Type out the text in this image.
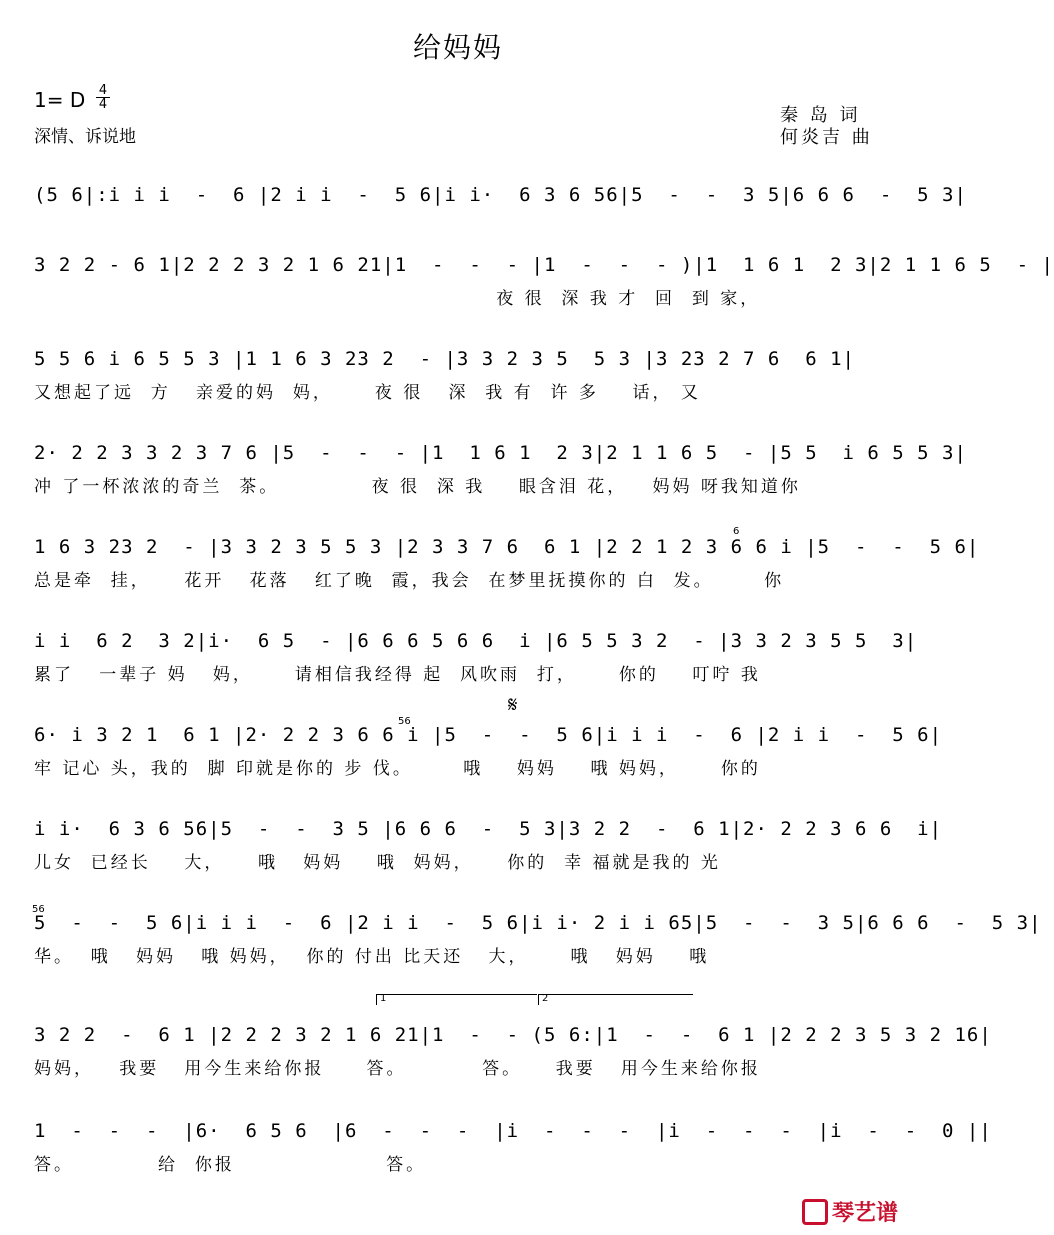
给妈妈
1= D 4
4
深情、诉说地
秦 岛 词
何炎吉 曲
(5 6|:i i i  -  6 |2 i i  -  5 6|i i·  6 3 6 56|5  -  -  3 5|6 6 6  -  5 3|
3 2 2 - 6 1|2 2 2 3 2 1 6 21|1  -  -  - |1  -  -  - )|1  1 6 1  2 3|2 1 1 6 5  - |
夜 很  深 我 才  回  到 家，
5 5 6 i 6 5 5 3 |1 1 6 3 23 2  - |3 3 2 3 5  5 3 |3 23 2 7 6  6 1|
又想起了远  方   亲爱的妈  妈，     夜 很   深  我 有  许 多    话， 又
2· 2 2 3 3 2 3 7 6 |5  -  -  - |1  1 6 1  2 3|2 1 1 6 5  - |5 5  i 6 5 5 3|
冲 了一杯浓浓的奇兰  茶。           夜 很  深 我    眼含泪 花，   妈妈 呀我知道你
1 6 3 23 2  - |3 3 2 3 5 5 3 |2 3 3 7 6  6 1 |2 2 1 2 3 6 6 i |5  -  -  5 6|
6
总是牵  挂，    花开   花落   红了晚  霞，我会  在梦里抚摸你的 白  发。      你
i i  6 2  3 2|i·  6 5  - |6 6 6 5 6 6  i |6 5 5 3 2  - |3 3 2 3 5 5  3|
累了   一辈子 妈   妈，     请相信我经得 起  风吹雨  打，     你的    叮咛 我
𝄋
6· i 3 2 1  6 1 |2· 2 2 3 6 6 i |5  -  -  5 6|i i i  -  6 |2 i i  -  5 6|
56
牢 记心 头，我的  脚 印就是你的 步 伐。      哦    妈妈    哦 妈妈，     你的
i i·  6 3 6 56|5  -  -  3 5 |6 6 6  -  5 3|3 2 2  -  6 1|2· 2 2 3 6 6  i|
儿女  已经长    大，    哦   妈妈    哦  妈妈，    你的  幸 福就是我的 光
56
5  -  -  5 6|i i i  -  6 |2 i i  -  5 6|i i· 2 i i 65|5  -  -  3 5|6 6 6  -  5 3|
华。  哦   妈妈   哦 妈妈，  你的 付出 比天还   大，     哦   妈妈    哦
1	2
3 2 2  -  6 1 |2 2 2 3 2 1 6 21|1  -  - (5 6:|1  -  -  6 1 |2 2 2 3 5 3 2 16|
妈妈，   我要   用今生来给你报     答。         答。    我要   用今生来给你报
1  -  -  -  |6·  6 5 6  |6  -  -  -  |i  -  -  -  |i  -  -  -  |i  -  -  0 ||
答。          给  你报                  答。
琴艺谱
